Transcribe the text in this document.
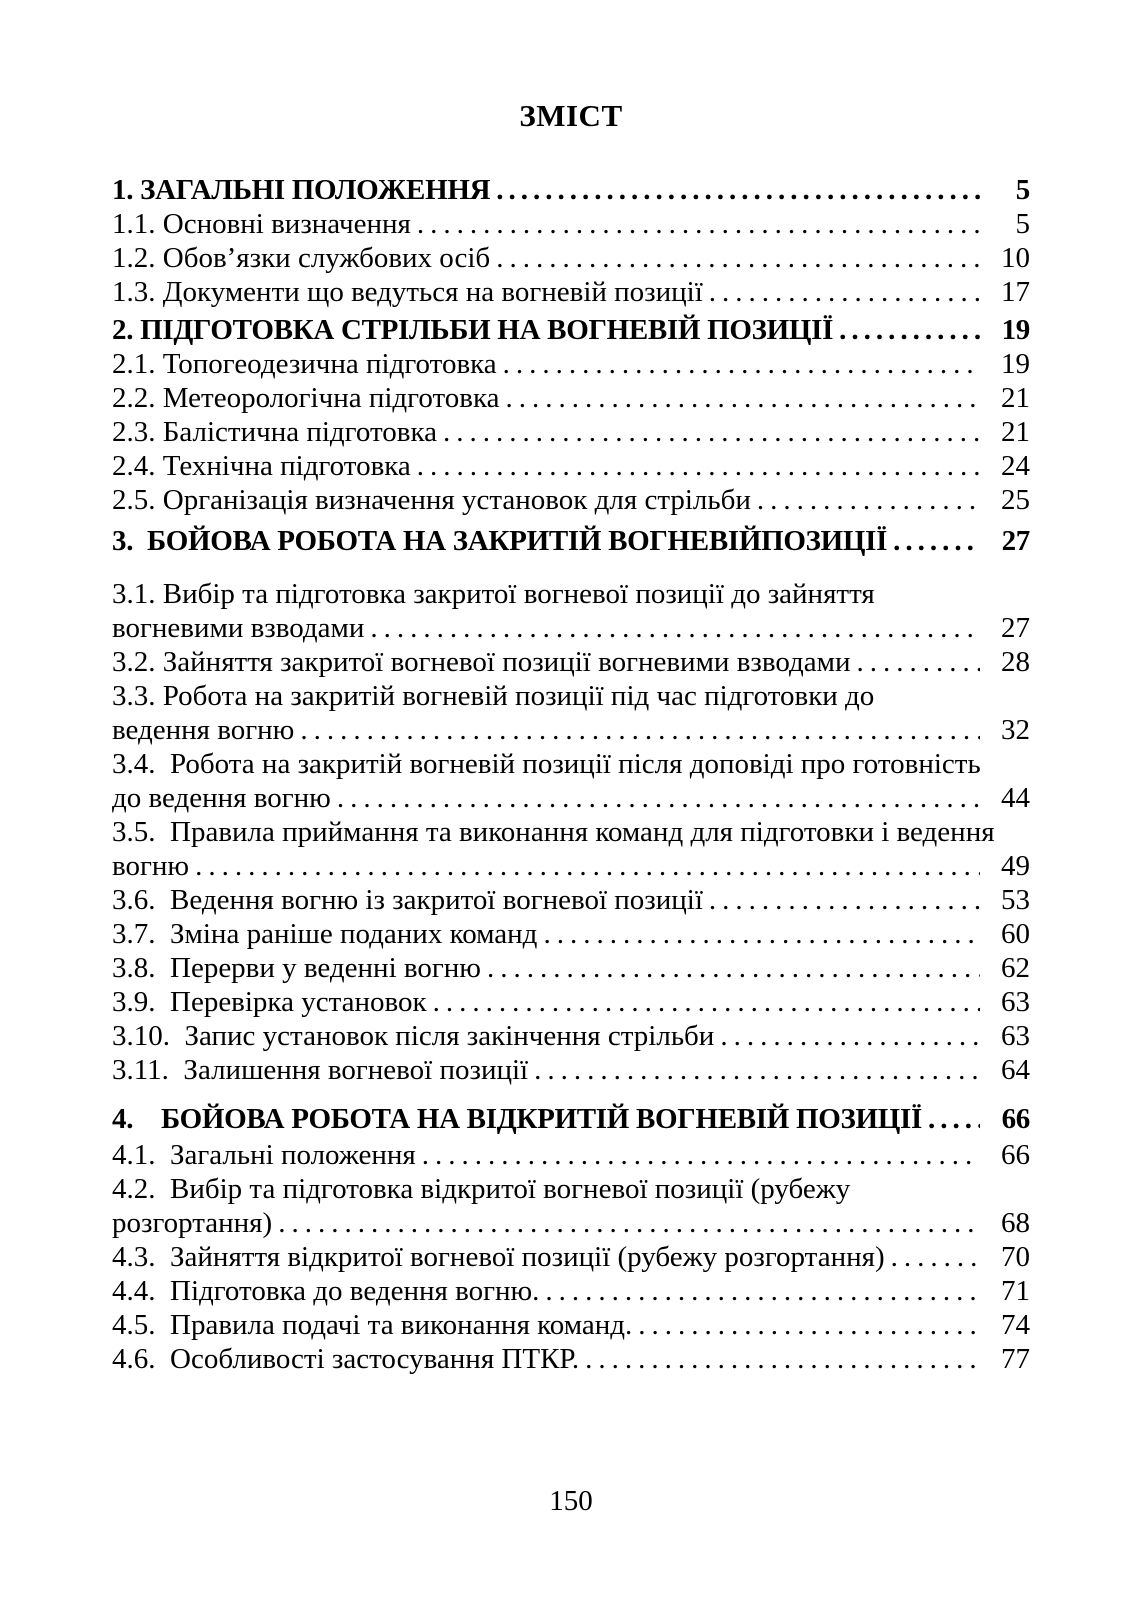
ЗМІСТ
1. ЗАГАЛЬНІ ПОЛОЖЕННЯ .....	5
1.1. Основні визначення .....	5
1.2. Обов’язки службових осіб .....	10
1.3. Документи що ведуться на вогневій позиції .....	17
2. ПІДГОТОВКА СТРІЛЬБИ НА ВОГНЕВІЙ ПОЗИЦІЇ .....	19
2.1. Топогеодезична підготовка .....	19
2.2. Метеорологічна підготовка .....	21
2.3. Балістична підготовка .....	21
2.4. Технічна підготовка .....	24
2.5. Організація визначення установок для стрільби .....	25
3.  БОЙОВА РОБОТА НА ЗАКРИТІЙ ВОГНЕВІЙПОЗИЦІЇ .....	27
3.1. Вибір та підготовка закритої вогневої позиції до зайняття
вогневими взводами .....	27
3.2. Зайняття закритої вогневої позиції вогневими взводами .....	28
3.3. Робота на закритій вогневій позиції під час підготовки до
ведення вогню .....	32
3.4.  Робота на закритій вогневій позиції після доповіді про готовність
до ведення вогню .....	44
3.5.  Правила приймання та виконання команд для підготовки і ведення
вогню .....	49
3.6.  Ведення вогню із закритої вогневої позиції .....	53
3.7.  Зміна раніше поданих команд .....	60
3.8.  Перерви у веденні вогню .....	62
3.9.  Перевірка установок .....	63
3.10.  Запис установок після закінчення стрільби .....	63
3.11.  Залишення вогневої позиції .....	64
4.    БОЙОВА РОБОТА НА ВІДКРИТІЙ ВОГНЕВІЙ ПОЗИЦІЇ .....	66
4.1.  Загальні положення .....	66
4.2.  Вибір та підготовка відкритої вогневої позиції (рубежу
розгортання) .....	68
4.3.  Зайняття відкритої вогневої позиції (рубежу розгортання) .....	70
4.4.  Підготовка до ведення вогню. .....	71
4.5.  Правила подачі та виконання команд. .....	74
4.6.  Особливості застосування ПТКР. .....	77
150
